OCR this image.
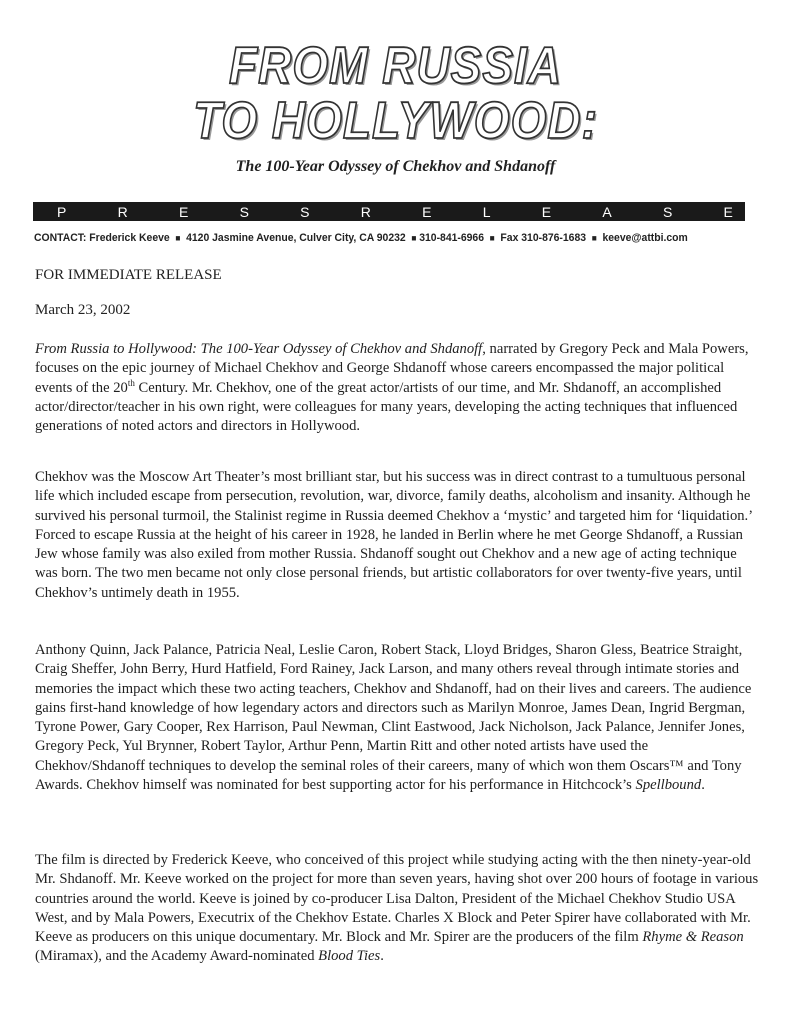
FROM RUSSIA
TO HOLLYWOOD:
The 100-Year Odyssey of Chekhov and Shdanoff
P	R	E	S	S	R	E	L	E	A	S	E
CONTACT: Frederick Keeve ■ 4120 Jasmine Avenue, Culver City, CA 90232 ■ 310-841-6966 ■ Fax 310-876-1683 ■ keeve@attbi.com
FOR IMMEDIATE RELEASE
March 23, 2002

From Russia to Hollywood: The 100-Year Odyssey of Chekhov and Shdanoff, narrated by Gregory Peck and Mala Powers, focuses on the epic journey of Michael Chekhov and George Shdanoff whose careers encompassed the major political events of the 20th Century. Mr. Chekhov, one of the great actor/artists of our time, and Mr. Shdanoff, an accomplished actor/director/teacher in his own right, were colleagues for many years, developing the acting techniques that influenced generations of noted actors and directors in Hollywood.

Chekhov was the Moscow Art Theater’s most brilliant star, but his success was in direct contrast to a tumultuous personal life which included escape from persecution, revolution, war, divorce, family deaths, alcoholism and insanity. Although he survived his personal turmoil, the Stalinist regime in Russia deemed Chekhov a ‘mystic’ and targeted him for ‘liquidation.’ Forced to escape Russia at the height of his career in 1928, he landed in Berlin where he met George Shdanoff, a Russian Jew whose family was also exiled from mother Russia. Shdanoff sought out Chekhov and a new age of acting technique was born. The two men became not only close personal friends, but artistic collaborators for over twenty-five years, until Chekhov’s untimely death in 1955.

Anthony Quinn, Jack Palance, Patricia Neal, Leslie Caron, Robert Stack, Lloyd Bridges, Sharon Gless, Beatrice Straight, Craig Sheffer, John Berry, Hurd Hatfield, Ford Rainey, Jack Larson, and many others reveal through intimate stories and memories the impact which these two acting teachers, Chekhov and Shdanoff, had on their lives and careers. The audience gains first-hand knowledge of how legendary actors and directors such as Marilyn Monroe, James Dean, Ingrid Bergman, Tyrone Power, Gary Cooper, Rex Harrison, Paul Newman, Clint Eastwood, Jack Nicholson, Jack Palance, Jennifer Jones, Gregory Peck, Yul Brynner, Robert Taylor, Arthur Penn, Martin Ritt and other noted artists have used the Chekhov/Shdanoff techniques to develop the seminal roles of their careers, many of which won them Oscars™ and Tony Awards. Chekhov himself was nominated for best supporting actor for his performance in Hitchcock’s Spellbound.

The film is directed by Frederick Keeve, who conceived of this project while studying acting with the then ninety-year-old Mr. Shdanoff. Mr. Keeve worked on the project for more than seven years, having shot over 200 hours of footage in various countries around the world. Keeve is joined by co-producer Lisa Dalton, President of the Michael Chekhov Studio USA West, and by Mala Powers, Executrix of the Chekhov Estate. Charles X Block and Peter Spirer have collaborated with Mr. Keeve as producers on this unique documentary. Mr. Block and Mr. Spirer are the producers of the film Rhyme & Reason (Miramax), and the Academy Award-nominated Blood Ties.
